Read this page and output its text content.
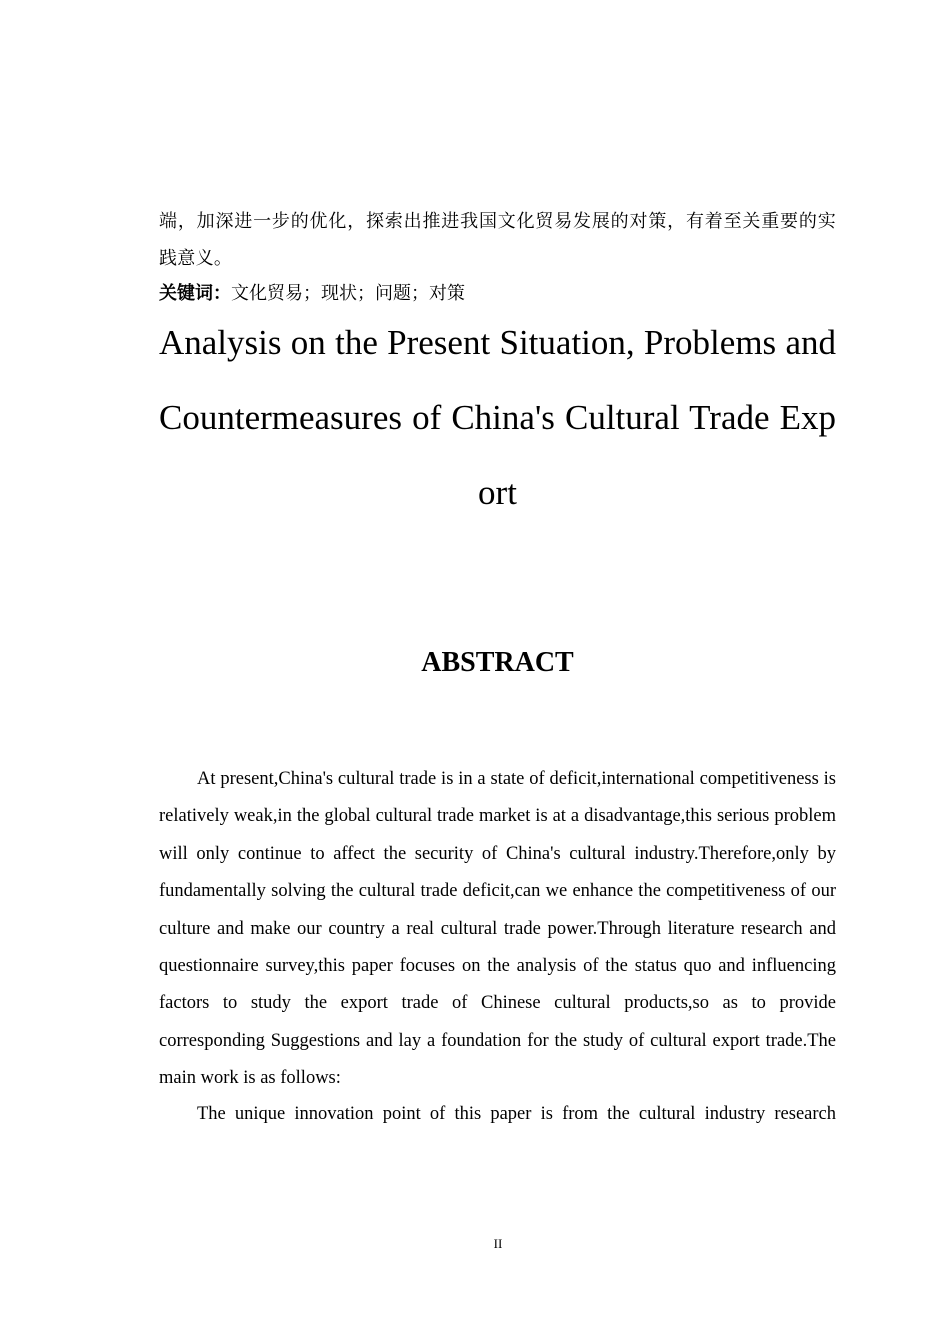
端，加深进一步的优化，探索出推进我国文化贸易发展的对策，有着至关重要的实
践意义。
关键词：文化贸易；现状；问题；对策
Analysis on the Present Situation, Problems and
Countermeasures of China's Cultural Trade Exp
ort
ABSTRACT

At present,China's cultural trade is in a state of deficit,international competitiveness is relatively weak,in the global cultural trade market is at a disadvantage,this serious problem will only continue to affect the security of China's cultural industry.Therefore,only by fundamentally solving the cultural trade deficit,can we enhance the competitiveness of our culture and make our country a real cultural trade power.Through literature research and questionnaire survey,this paper focuses on the analysis of the status quo and influencing factors to study the export trade of Chinese cultural products,so as to provide corresponding Suggestions and lay a foundation for the study of cultural export trade.The main work is as follows:

The unique innovation point of this paper is from the cultural industry research

II
